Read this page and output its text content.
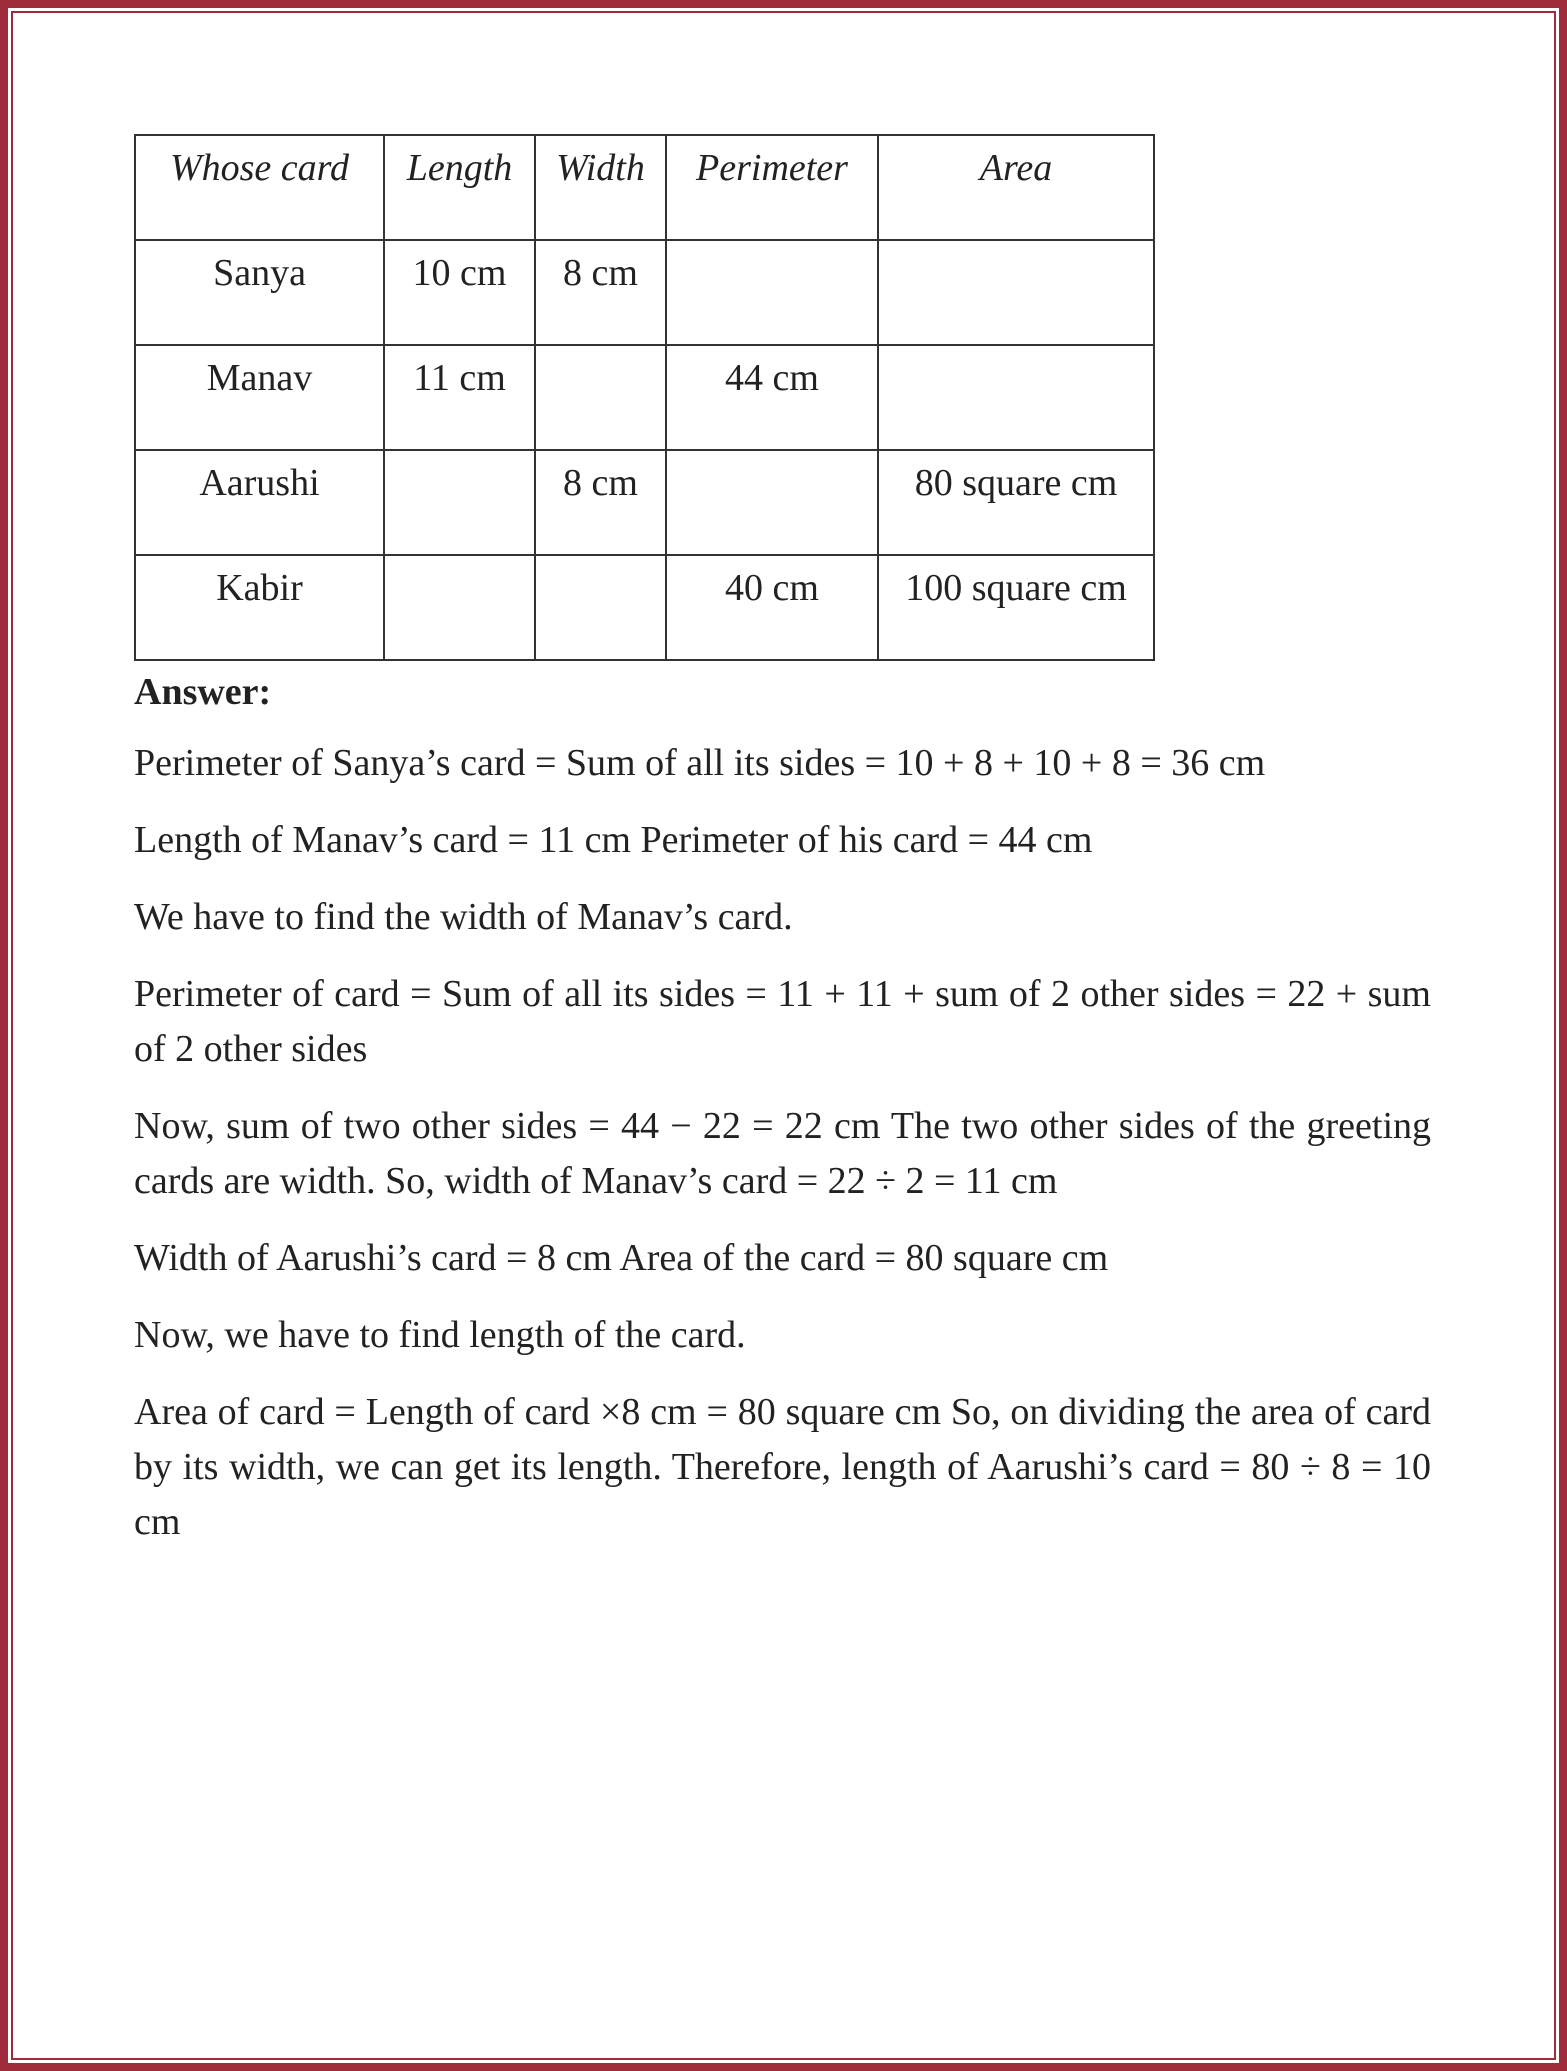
Whose card	Length	Width	Perimeter	Area
Sanya	10 cm	8 cm		
Manav	11 cm		44 cm	
Aarushi		8 cm		80 square cm
Kabir			40 cm	100 square cm
Answer:

Perimeter of Sanya’s card = Sum of all its sides = 10 + 8 + 10 + 8 = 36 cm

Length of Manav’s card = 11 cm Perimeter of his card = 44 cm

We have to find the width of Manav’s card.

Perimeter of card = Sum of all its sides = 11 + 11 + sum of 2 other sides = 22 + sum of 2 other sides

Now, sum of two other sides = 44 − 22 = 22 cm The two other sides of the greeting cards are width. So, width of Manav’s card = 22 ÷ 2 = 11 cm

Width of Aarushi’s card = 8 cm Area of the card = 80 square cm

Now, we have to find length of the card.

Area of card = Length of card ×8 cm = 80 square cm So, on dividing the area of card by its width, we can get its length. Therefore, length of Aarushi’s card = 80 ÷ 8 = 10 cm
